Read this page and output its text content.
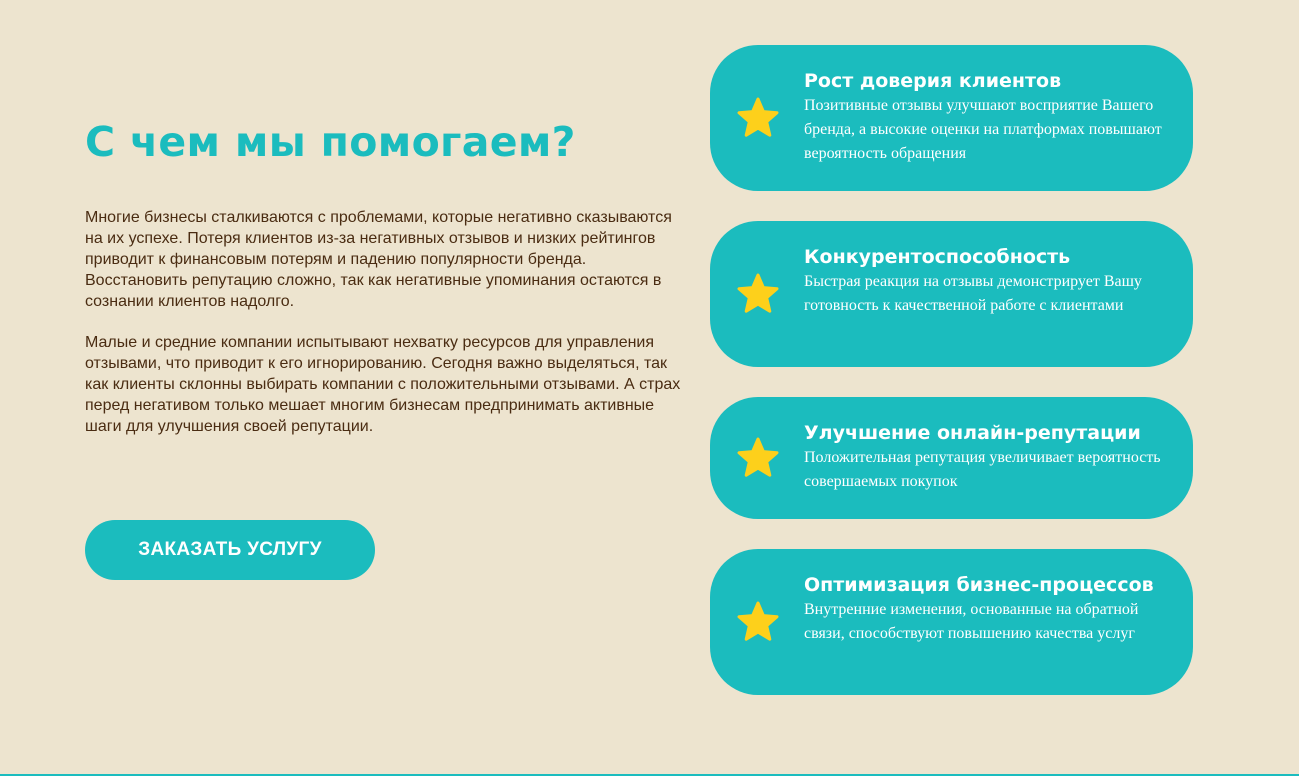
С чем мы помогаем?

Многие бизнесы сталкиваются с проблемами, которые негативно сказываются на их успехе. Потеря клиентов из-за негативных отзывов и низких рейтингов приводит к финансовым потерям и падению популярности бренда. Восстановить репутацию сложно, так как негативные упоминания остаются в сознании клиентов надолго.

Малые и средние компании испытывают нехватку ресурсов для управления отзывами, что приводит к его игнорированию. Сегодня важно выделяться, так как клиенты склонны выбирать компании с положительными отзывами. А страх перед негативом только мешает многим бизнесам предпринимать активные шаги для улучшения своей репутации.

ЗАКАЗАТЬ УСЛУГУ

Рост доверия клиентов

Позитивные отзывы улучшают восприятие Вашего бренда, а высокие оценки на платформах повышают вероятность обращения

Конкурентоспособность

Быстрая реакция на отзывы демонстрирует Вашу готовность к качественной работе с клиентами

Улучшение онлайн-репутации

Положительная репутация увеличивает вероятность совершаемых покупок

Оптимизация бизнес-процессов

Внутренние изменения, основанные на обратной связи, способствуют повышению качества услуг
